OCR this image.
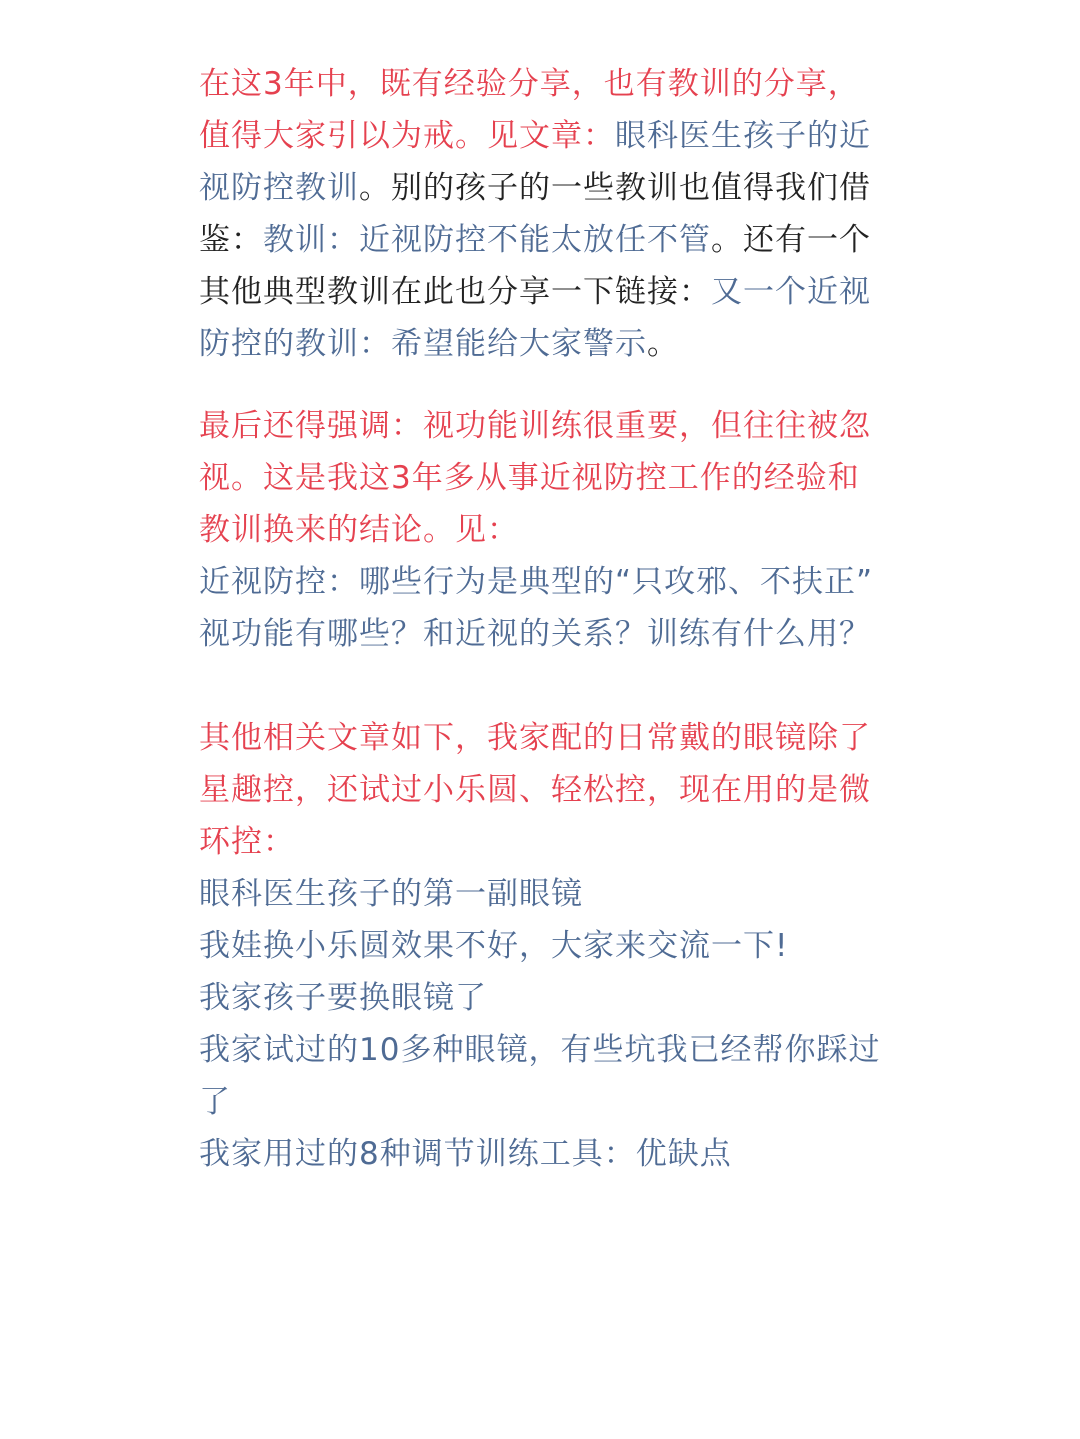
在这3年中，既有经验分享，也有教训的分享，值得大家引以为戒。见文章：眼科医生孩子的近视防控教训。别的孩子的一些教训也值得我们借鉴：教训：近视防控不能太放任不管。还有一个其他典型教训在此也分享一下链接：又一个近视防控的教训：希望能给大家警示。

最后还得强调：视功能训练很重要，但往往被忽视。这是我这3年多从事近视防控工作的经验和教训换来的结论。见：

近视防控：哪些行为是典型的“只攻邪、不扶正”
视功能有哪些？和近视的关系？训练有什么用？

其他相关文章如下，我家配的日常戴的眼镜除了星趣控，还试过小乐圆、轻松控，现在用的是微环控：

眼科医生孩子的第一副眼镜
我娃换小乐圆效果不好，大家来交流一下!
我家孩子要换眼镜了
我家试过的10多种眼镜，有些坑我已经帮你踩过了
我家用过的8种调节训练工具：优缺点
